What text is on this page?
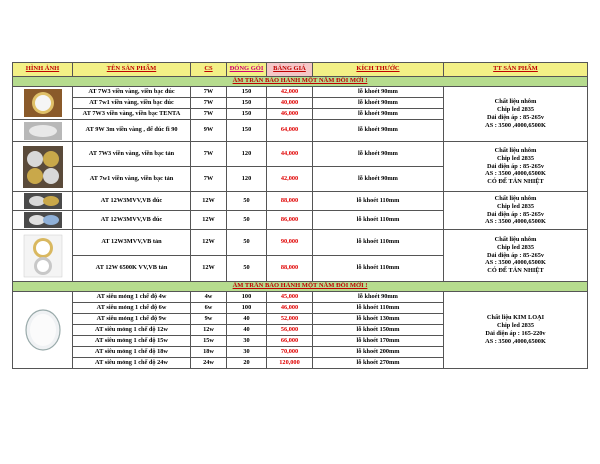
HÌNH ẢNH	TÊN SẢN PHẨM	CS	ĐÓNG GÓI	BẢNG GIÁ	KÍCH THƯỚC	TT SẢN PHẨM
ÂM TRẦN BẢO HÀNH MỘT NĂM ĐỔI MỚI !						

	AT 7W3 viền vàng, viền bạc đúc	7W	150	42,000	lỗ khoét 90mm	Chất liệu nhôm
Chip led 2835
Dải điện áp : 85-265v
AS : 3500 ,4000,6500K

	AT 7w1 viền vàng, viền bạc đúc	7W	150	40,000	lỗ khoét 90mm	
	AT 7W3 viền vàng, viền bạc TENTA	7W	150	46,000	lỗ khoét 90mm	

	AT 9W 3m viền vàng , đế đúc fi 90	9W	150	64,000	lỗ khoét 90mm	

	AT 7W3 viền vàng, viền bạc tản	7W	120	44,000	lỗ khoét 90mm	Chất liệu nhôm
Chip led 2835
Dải điện áp : 85-265v
AS : 3500 ,4000,6500K
CÓ ĐẾ TẢN NHIỆT

	AT 7w1 viền vàng, viền bạc tản	7W	120	42,000	lỗ khoét 90mm	

	AT 12W3MVV,VB đúc	12W	50	88,000	lỗ khoét 110mm	Chất liệu nhôm
Chip led 2835
Dải điện áp : 85-265v
AS : 3500 ,4000,6500K

	AT 12W3MVV,VB đúc	12W	50	86,000	lỗ khoét 110mm	

	AT 12W3MVV,VB tản	12W	50	90,000	lỗ khoét 110mm	Chất liệu nhôm
Chip led 2835
Dải điện áp : 85-265v
AS : 3500 ,4000,6500K
CÓ ĐẾ TẢN NHIỆT

	AT 12W 6500K VV,VB tản	12W	50	88,000	lỗ khoét 110mm	
ÂM TRẦN BẢO HÀNH MỘT NĂM ĐỔI MỚI !						

	AT siêu mỏng 1 chế độ 4w	4w	100	45,000	lỗ khoét 90mm	Chất liệu KIM LOẠI
Chip led 2835
Dải điện áp : 165-220v
AS : 3500 ,4000,6500K

	AT siêu mỏng 1 chế độ 6w	6w	100	46,000	lỗ khoét 110mm	
	AT siêu mỏng 1 chế độ 9w	9w	40	52,000	lỗ khoét 130mm	
	AT siêu mỏng 1 chế độ 12w	12w	40	56,000	lỗ khoét 150mm	
	AT siêu mỏng 1 chế độ 15w	15w	30	66,000	lỗ khoét 170mm	
	AT siêu mỏng 1 chế độ 18w	18w	30	70,000	lỗ khoét 200mm	
	AT siêu mỏng 1 chế độ 24w	24w	20	120,000	lỗ khoét 270mm	
